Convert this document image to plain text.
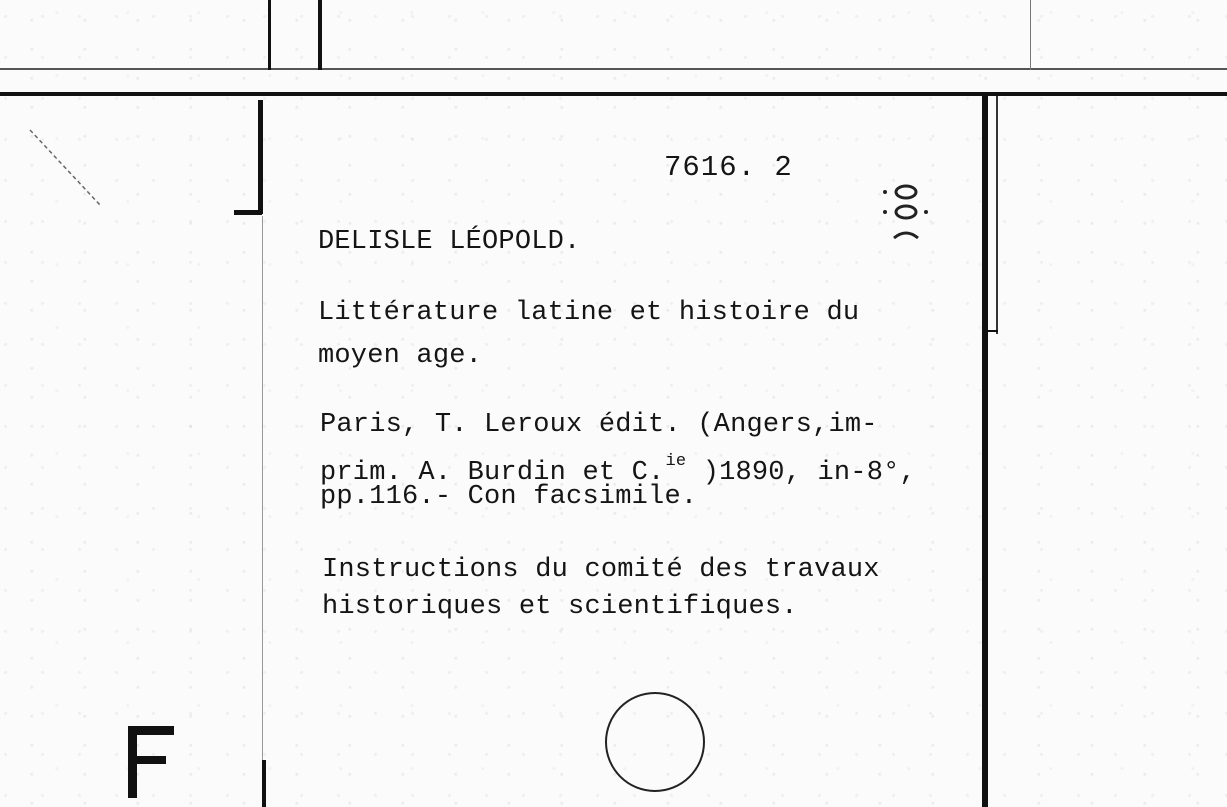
7616. 2
DELISLE LÉOPOLD.
Littérature latine et histoire du
moyen age.
Paris, T. Leroux édit. (Angers,im-
prim. A. Burdin et C.$^{ie}$ )1890, in-8°,
pp.116.- Con facsimile.
Instructions du comité des travaux
historiques et scientifiques.
